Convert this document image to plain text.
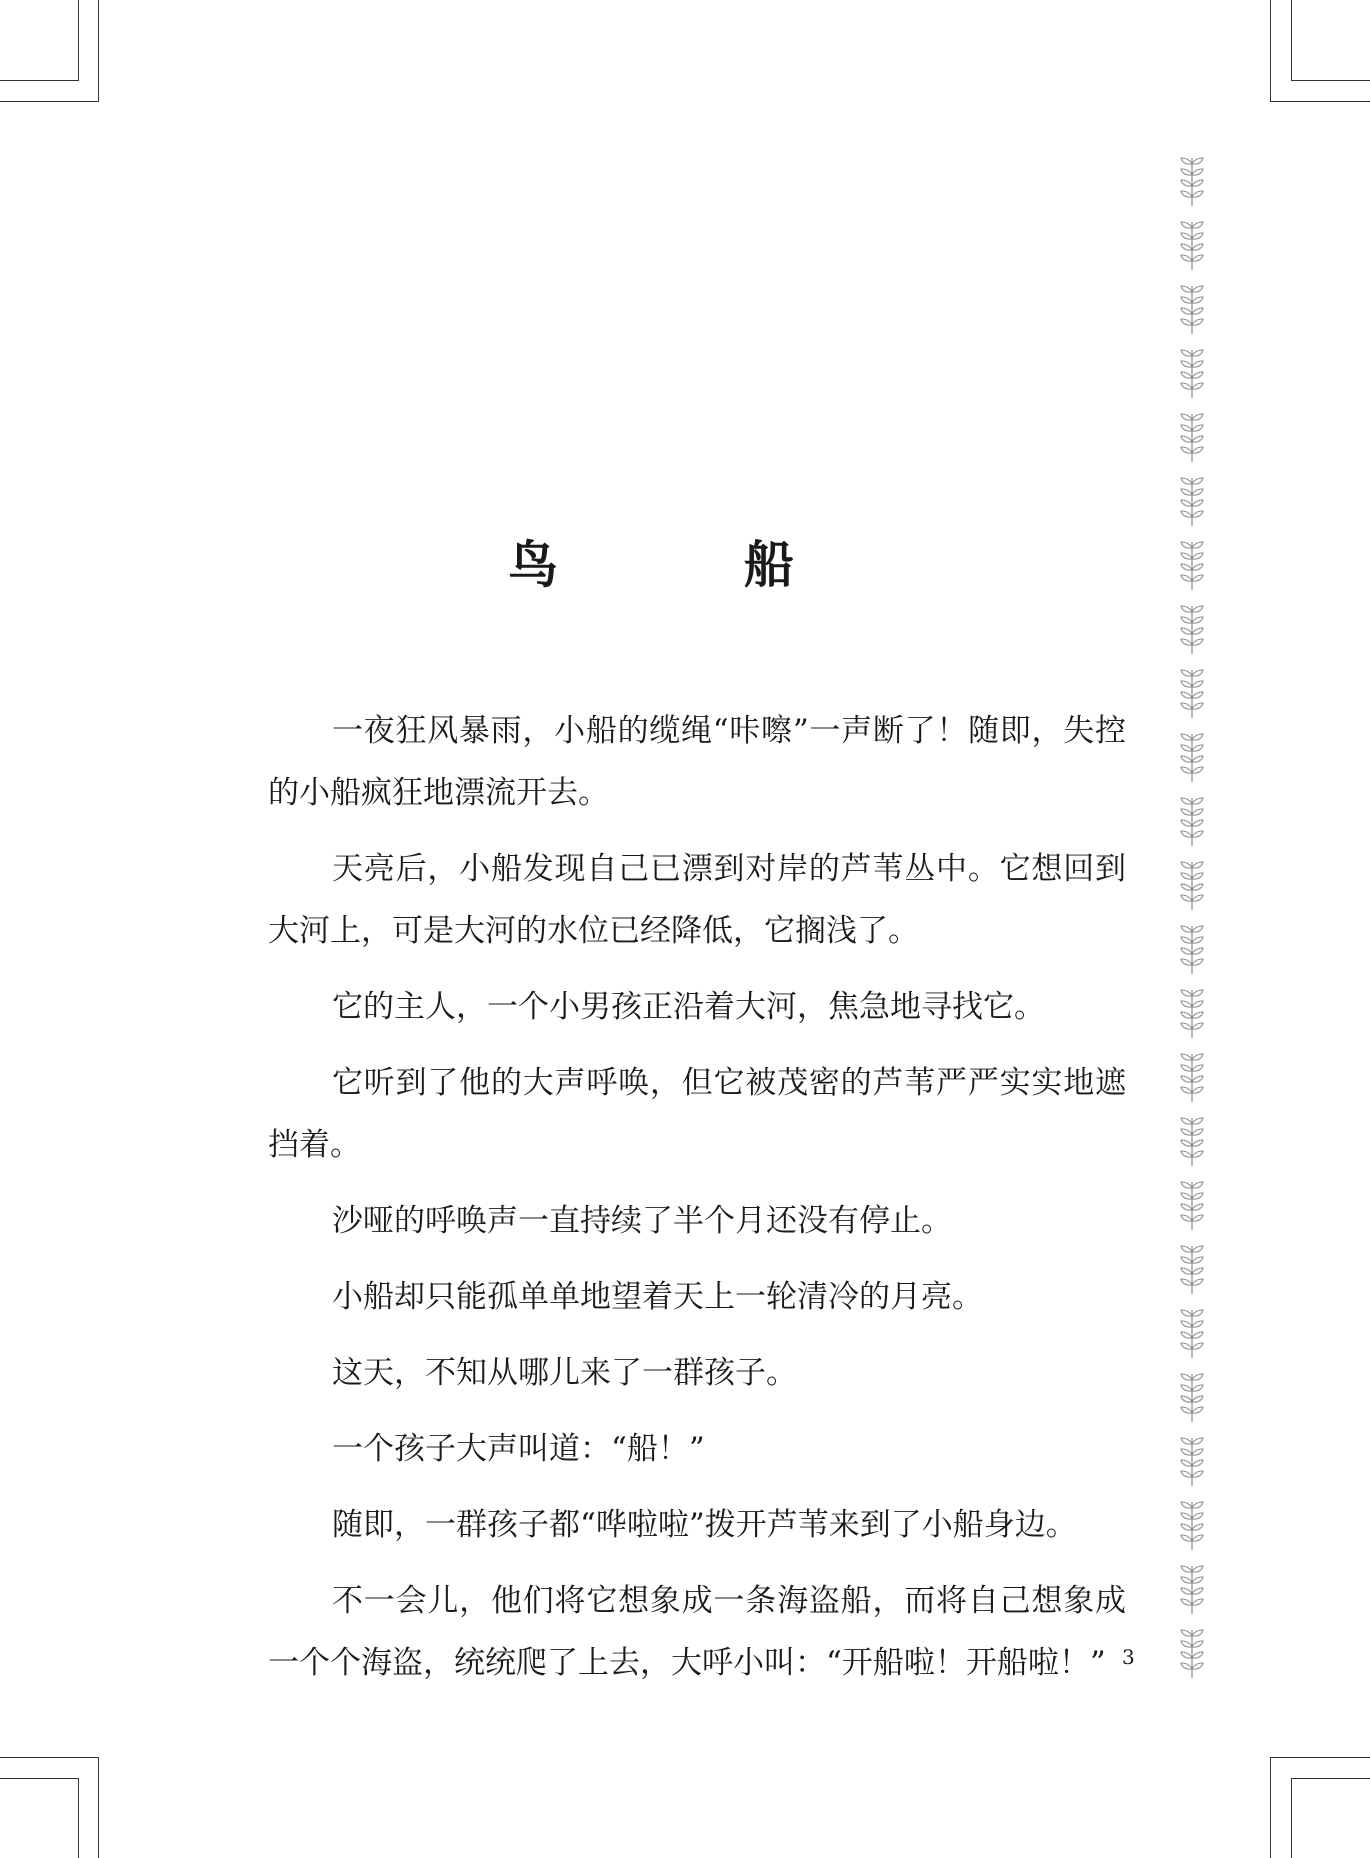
鸟　船

一夜狂风暴雨，小船的缆绳“咔嚓”一声断了！随即，失控的小船疯狂地漂流开去。

天亮后，小船发现自己已漂到对岸的芦苇丛中。它想回到大河上，可是大河的水位已经降低，它搁浅了。

它的主人，一个小男孩正沿着大河，焦急地寻找它。

它听到了他的大声呼唤，但它被茂密的芦苇严严实实地遮挡着。

沙哑的呼唤声一直持续了半个月还没有停止。

小船却只能孤单单地望着天上一轮清冷的月亮。

这天，不知从哪儿来了一群孩子。

一个孩子大声叫道：“船！”

随即，一群孩子都“哗啦啦”拨开芦苇来到了小船身边。

不一会儿，他们将它想象成一条海盗船，而将自己想象成一个个海盗，统统爬了上去，大呼小叫：“开船啦！开船啦！” 3
